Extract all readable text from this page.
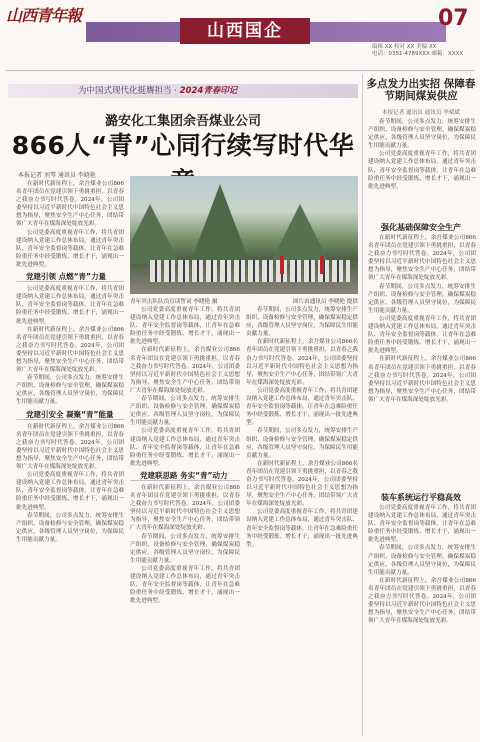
山西青年報
山西国企	07
编辑 XX 校对 XX 美编 XX
电话：0351-4789XXX 邮箱：XXXX
为中国式现代化挺膺担当 · 2024青春印记
潞安化工集团余吾煤业公司
866人“青”心同行续写时代华
本报记者 刘琴 通讯员 李晓艳

在新时代新征程上，余吾煤业公司866名青年团员在党建引领下勇挑重担，以青春之我奋力书写时代答卷。2024年，公司团委坚持以习近平新时代中国特色社会主义思想为指导，聚焦安全生产中心任务，团结带领广大青年在煤海深处绽放光彩。

公司党委高度重视青年工作，将共青团建设纳入党建工作总体布局，通过青年突击队、青年安全监督岗等载体，让青年在急难险重任务中经受锻炼、增长才干，涌现出一批先进典型。

党建引领 点燃“青”力量

公司党委高度重视青年工作，将共青团建设纳入党建工作总体布局，通过青年突击队、青年安全监督岗等载体，让青年在急难险重任务中经受锻炼、增长才干，涌现出一批先进典型。

在新时代新征程上，余吾煤业公司866名青年团员在党建引领下勇挑重担，以青春之我奋力书写时代答卷。2024年，公司团委坚持以习近平新时代中国特色社会主义思想为指导，聚焦安全生产中心任务，团结带领广大青年在煤海深处绽放光彩。

春节期间，公司多点发力，统筹安排生产组织、设备检修与安全管理，确保煤炭稳定供应，各级管理人员坚守岗位，为保障民生用能贡献力量。

党建引安全 凝聚“青”能量

在新时代新征程上，余吾煤业公司866名青年团员在党建引领下勇挑重担，以青春之我奋力书写时代答卷。2024年，公司团委坚持以习近平新时代中国特色社会主义思想为指导，聚焦安全生产中心任务，团结带领广大青年在煤海深处绽放光彩。

公司党委高度重视青年工作，将共青团建设纳入党建工作总体布局，通过青年突击队、青年安全监督岗等载体，让青年在急难险重任务中经受锻炼、增长才干，涌现出一批先进典型。

春节期间，公司多点发力，统筹安排生产组织、设备检修与安全管理，确保煤炭稳定供应，各级管理人员坚守岗位，为保障民生用能贡献力量。

青年突击队队员宣读誓词 李晓艳 摄	图片由通讯员 李晓艳 提供

公司党委高度重视青年工作，将共青团建设纳入党建工作总体布局，通过青年突击队、青年安全监督岗等载体，让青年在急难险重任务中经受锻炼、增长才干，涌现出一批先进典型。

在新时代新征程上，余吾煤业公司866名青年团员在党建引领下勇挑重担，以青春之我奋力书写时代答卷。2024年，公司团委坚持以习近平新时代中国特色社会主义思想为指导，聚焦安全生产中心任务，团结带领广大青年在煤海深处绽放光彩。

春节期间，公司多点发力，统筹安排生产组织、设备检修与安全管理，确保煤炭稳定供应，各级管理人员坚守岗位，为保障民生用能贡献力量。

公司党委高度重视青年工作，将共青团建设纳入党建工作总体布局，通过青年突击队、青年安全监督岗等载体，让青年在急难险重任务中经受锻炼、增长才干，涌现出一批先进典型。

党建联思路 务实“青”动力

在新时代新征程上，余吾煤业公司866名青年团员在党建引领下勇挑重担，以青春之我奋力书写时代答卷。2024年，公司团委坚持以习近平新时代中国特色社会主义思想为指导，聚焦安全生产中心任务，团结带领广大青年在煤海深处绽放光彩。

春节期间，公司多点发力，统筹安排生产组织、设备检修与安全管理，确保煤炭稳定供应，各级管理人员坚守岗位，为保障民生用能贡献力量。

公司党委高度重视青年工作，将共青团建设纳入党建工作总体布局，通过青年突击队、青年安全监督岗等载体，让青年在急难险重任务中经受锻炼、增长才干，涌现出一批先进典型。

春节期间，公司多点发力，统筹安排生产组织、设备检修与安全管理，确保煤炭稳定供应，各级管理人员坚守岗位，为保障民生用能贡献力量。

在新时代新征程上，余吾煤业公司866名青年团员在党建引领下勇挑重担，以青春之我奋力书写时代答卷。2024年，公司团委坚持以习近平新时代中国特色社会主义思想为指导，聚焦安全生产中心任务，团结带领广大青年在煤海深处绽放光彩。

公司党委高度重视青年工作，将共青团建设纳入党建工作总体布局，通过青年突击队、青年安全监督岗等载体，让青年在急难险重任务中经受锻炼、增长才干，涌现出一批先进典型。

春节期间，公司多点发力，统筹安排生产组织、设备检修与安全管理，确保煤炭稳定供应，各级管理人员坚守岗位，为保障民生用能贡献力量。

在新时代新征程上，余吾煤业公司866名青年团员在党建引领下勇挑重担，以青春之我奋力书写时代答卷。2024年，公司团委坚持以习近平新时代中国特色社会主义思想为指导，聚焦安全生产中心任务，团结带领广大青年在煤海深处绽放光彩。

公司党委高度重视青年工作，将共青团建设纳入党建工作总体布局，通过青年突击队、青年安全监督岗等载体，让青年在急难险重任务中经受锻炼、增长才干，涌现出一批先进典型。

多点发力出实招 保障春节期间煤炭供应
本报记者 通讯员 通讯员 李斌斌

春节期间，公司多点发力，统筹安排生产组织、设备检修与安全管理，确保煤炭稳定供应，各级管理人员坚守岗位，为保障民生用能贡献力量。

公司党委高度重视青年工作，将共青团建设纳入党建工作总体布局，通过青年突击队、青年安全监督岗等载体，让青年在急难险重任务中经受锻炼、增长才干，涌现出一批先进典型。

强化基础保障安全生产

在新时代新征程上，余吾煤业公司866名青年团员在党建引领下勇挑重担，以青春之我奋力书写时代答卷。2024年，公司团委坚持以习近平新时代中国特色社会主义思想为指导，聚焦安全生产中心任务，团结带领广大青年在煤海深处绽放光彩。

春节期间，公司多点发力，统筹安排生产组织、设备检修与安全管理，确保煤炭稳定供应，各级管理人员坚守岗位，为保障民生用能贡献力量。

公司党委高度重视青年工作，将共青团建设纳入党建工作总体布局，通过青年突击队、青年安全监督岗等载体，让青年在急难险重任务中经受锻炼、增长才干，涌现出一批先进典型。

在新时代新征程上，余吾煤业公司866名青年团员在党建引领下勇挑重担，以青春之我奋力书写时代答卷。2024年，公司团委坚持以习近平新时代中国特色社会主义思想为指导，聚焦安全生产中心任务，团结带领广大青年在煤海深处绽放光彩。

装车系统运行平稳高效

公司党委高度重视青年工作，将共青团建设纳入党建工作总体布局，通过青年突击队、青年安全监督岗等载体，让青年在急难险重任务中经受锻炼、增长才干，涌现出一批先进典型。

春节期间，公司多点发力，统筹安排生产组织、设备检修与安全管理，确保煤炭稳定供应，各级管理人员坚守岗位，为保障民生用能贡献力量。

在新时代新征程上，余吾煤业公司866名青年团员在党建引领下勇挑重担，以青春之我奋力书写时代答卷。2024年，公司团委坚持以习近平新时代中国特色社会主义思想为指导，聚焦安全生产中心任务，团结带领广大青年在煤海深处绽放光彩。
